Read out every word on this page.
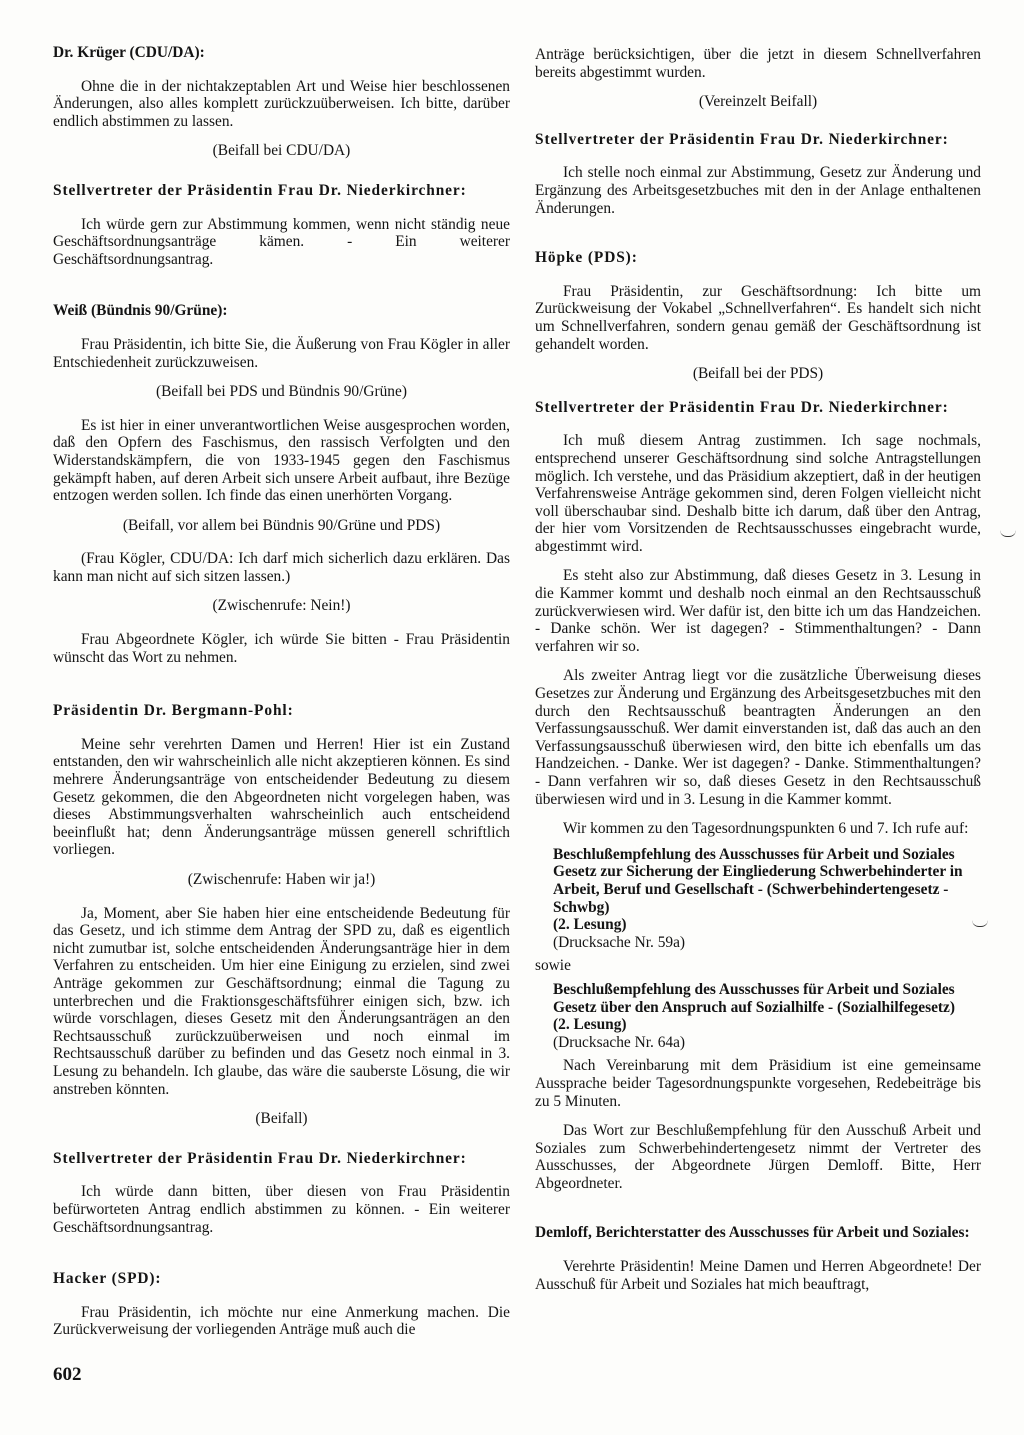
Dr. Krüger (CDU/DA):
Ohne die in der nichtakzeptablen Art und Weise hier beschlossenen Änderungen, also alles komplett zurückzuüberweisen. Ich bitte, darüber endlich abstimmen zu lassen.
(Beifall bei CDU/DA)
Stellvertreter der Präsidentin Frau Dr. Niederkirchner:
Ich würde gern zur Abstimmung kommen, wenn nicht ständig neue Geschäftsordnungsanträge kämen. - Ein weiterer Geschäftsordnungsantrag.
Weiß (Bündnis 90/Grüne):
Frau Präsidentin, ich bitte Sie, die Äußerung von Frau Kögler in aller Entschiedenheit zurückzuweisen.
(Beifall bei PDS und Bündnis 90/Grüne)
Es ist hier in einer unverantwortlichen Weise ausgesprochen worden, daß den Opfern des Faschismus, den rassisch Verfolgten und den Widerstandskämpfern, die von 1933-1945 gegen den Faschismus gekämpft haben, auf deren Arbeit sich unsere Arbeit aufbaut, ihre Bezüge entzogen werden sollen. Ich finde das einen unerhörten Vorgang.
(Beifall, vor allem bei Bündnis 90/Grüne und PDS)
(Frau Kögler, CDU/DA: Ich darf mich sicherlich dazu erklären. Das kann man nicht auf sich sitzen lassen.)
(Zwischenrufe: Nein!)
Frau Abgeordnete Kögler, ich würde Sie bitten - Frau Präsidentin wünscht das Wort zu nehmen.
Präsidentin Dr. Bergmann-Pohl:
Meine sehr verehrten Damen und Herren! Hier ist ein Zustand entstanden, den wir wahrscheinlich alle nicht akzeptieren können. Es sind mehrere Änderungsanträge von entscheidender Bedeutung zu diesem Gesetz gekommen, die den Abgeordneten nicht vorgelegen haben, was dieses Abstimmungsverhalten wahrscheinlich auch entscheidend beeinflußt hat; denn Änderungsanträge müssen generell schriftlich vorliegen.
(Zwischenrufe: Haben wir ja!)
Ja, Moment, aber Sie haben hier eine entscheidende Bedeutung für das Gesetz, und ich stimme dem Antrag der SPD zu, daß es eigentlich nicht zumutbar ist, solche entscheidenden Änderungsanträge hier in dem Verfahren zu entscheiden. Um hier eine Einigung zu erzielen, sind zwei Anträge gekommen zur Geschäftsordnung; einmal die Tagung zu unterbrechen und die Fraktionsgeschäftsführer einigen sich, bzw. ich würde vorschlagen, dieses Gesetz mit den Änderungsanträgen an den Rechtsausschuß zurückzuüberweisen und noch einmal im Rechtsausschuß darüber zu befinden und das Gesetz noch einmal in 3. Lesung zu behandeln. Ich glaube, das wäre die sauberste Lösung, die wir anstreben könnten.
(Beifall)
Stellvertreter der Präsidentin Frau Dr. Niederkirchner:
Ich würde dann bitten, über diesen von Frau Präsidentin befürworteten Antrag endlich abstimmen zu können. - Ein weiterer Geschäftsordnungsantrag.
Hacker (SPD):
Frau Präsidentin, ich möchte nur eine Anmerkung machen. Die Zurückverweisung der vorliegenden Anträge muß auch die
Anträge berücksichtigen, über die jetzt in diesem Schnellverfahren bereits abgestimmt wurden.
(Vereinzelt Beifall)
Stellvertreter der Präsidentin Frau Dr. Niederkirchner:
Ich stelle noch einmal zur Abstimmung, Gesetz zur Änderung und Ergänzung des Arbeitsgesetzbuches mit den in der Anlage enthaltenen Änderungen.
Höpke (PDS):
Frau Präsidentin, zur Geschäftsordnung: Ich bitte um Zurückweisung der Vokabel „Schnellverfahren“. Es handelt sich nicht um Schnellverfahren, sondern genau gemäß der Geschäftsordnung ist gehandelt worden.
(Beifall bei der PDS)
Stellvertreter der Präsidentin Frau Dr. Niederkirchner:
Ich muß diesem Antrag zustimmen. Ich sage nochmals, entsprechend unserer Geschäftsordnung sind solche Antragstellungen möglich. Ich verstehe, und das Präsidium akzeptiert, daß in der heutigen Verfahrensweise Anträge gekommen sind, deren Folgen vielleicht nicht voll überschaubar sind. Deshalb bitte ich darum, daß über den Antrag, der hier vom Vorsitzenden de Rechtsausschusses eingebracht wurde, abgestimmt wird.
Es steht also zur Abstimmung, daß dieses Gesetz in 3. Lesung in die Kammer kommt und deshalb noch einmal an den Rechtsausschuß zurückverwiesen wird. Wer dafür ist, den bitte ich um das Handzeichen. - Danke schön. Wer ist dagegen? - Stimmenthaltungen? - Dann verfahren wir so.
Als zweiter Antrag liegt vor die zusätzliche Überweisung dieses Gesetzes zur Änderung und Ergänzung des Arbeitsgesetzbuches mit den durch den Rechtsausschuß beantragten Änderungen an den Verfassungsausschuß. Wer damit einverstanden ist, daß das auch an den Verfassungsausschuß überwiesen wird, den bitte ich ebenfalls um das Handzeichen. - Danke. Wer ist dagegen? - Danke. Stimmenthaltungen? - Dann verfahren wir so, daß dieses Gesetz in den Rechtsausschuß überwiesen wird und in 3. Lesung in die Kammer kommt.
Wir kommen zu den Tagesordnungspunkten 6 und 7. Ich rufe auf:
Beschlußempfehlung des Ausschusses für Arbeit und Soziales
Gesetz zur Sicherung der Eingliederung Schwerbehinderter in Arbeit, Beruf und Gesellschaft - (Schwerbehindertengesetz - Schwbg)
(2. Lesung)
(Drucksache Nr. 59a)
sowie
Beschlußempfehlung des Ausschusses für Arbeit und Soziales
Gesetz über den Anspruch auf Sozialhilfe - (Sozialhilfegesetz)
(2. Lesung)
(Drucksache Nr. 64a)
Nach Vereinbarung mit dem Präsidium ist eine gemeinsame Aussprache beider Tagesordnungspunkte vorgesehen, Redebeiträge bis zu 5 Minuten.
Das Wort zur Beschlußempfehlung für den Ausschuß Arbeit und Soziales zum Schwerbehindertengesetz nimmt der Vertreter des Ausschusses, der Abgeordnete Jürgen Demloff. Bitte, Herr Abgeordneter.
Demloff, Berichterstatter des Ausschusses für Arbeit und Soziales:
Verehrte Präsidentin! Meine Damen und Herren Abgeordnete! Der Ausschuß für Arbeit und Soziales hat mich beauftragt,
602
